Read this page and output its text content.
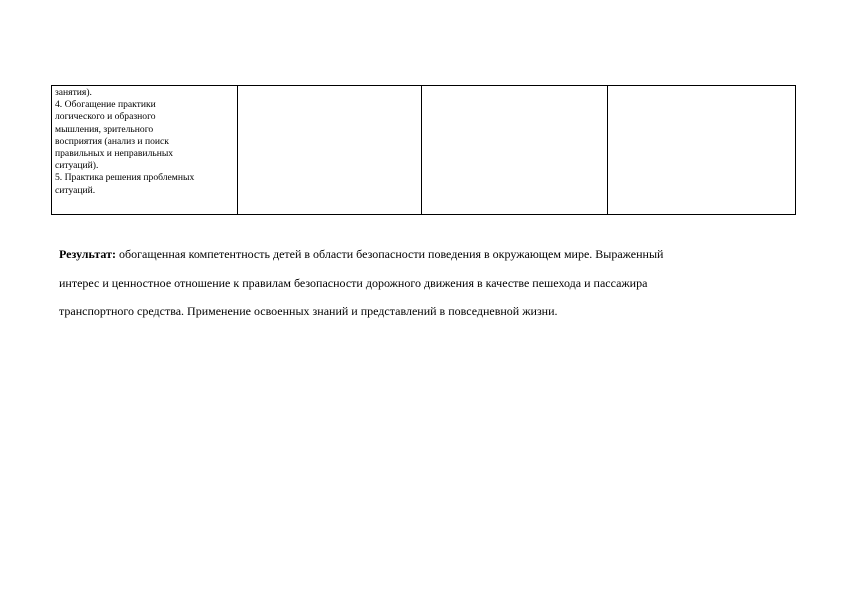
занятия).
4. Обогащение практики
логического и образного
мышления, зрительного
восприятия (анализ и поиск
правильных и неправильных
ситуаций).
5. Практика решения проблемных
ситуаций.

Результат: обогащенная компетентность детей в области безопасности поведения в окружающем мире. Выраженный
интерес и ценностное отношение к правилам безопасности дорожного движения в качестве пешехода и пассажира
транспортного средства. Применение освоенных знаний и представлений в повседневной жизни.
